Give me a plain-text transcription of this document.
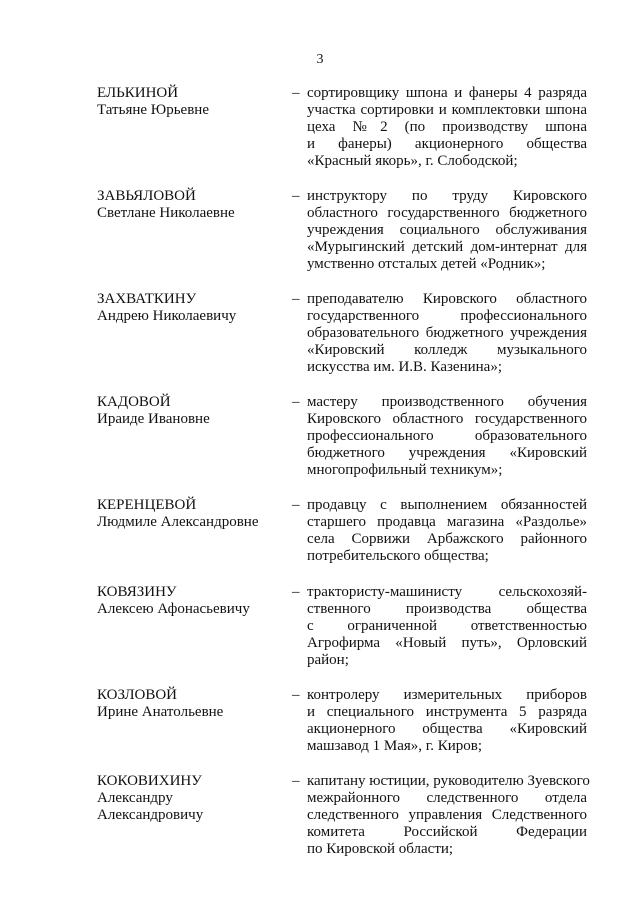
3
ЕЛЬКИНОЙ
Татьяне Юрьевне
– сортировщику шпона и фанеры 4 разряда
участка сортировки и комплектовки шпона
цеха №2 (по производству шпона
и фанеры) акционерного общества
«Красный якорь», г. Слободской;
ЗАВЬЯЛОВОЙ
Светлане Николаевне
– инструктору по труду Кировского
областного государственного бюджетного
учреждения социального обслуживания
«Мурыгинский детский дом-интернат для
умственно отсталых детей «Родник»;
ЗАХВАТКИНУ
Андрею Николаевичу
– преподавателю Кировского областного
государственного профессионального
образовательного бюджетного учреждения
«Кировский колледж музыкального
искусства им. И.В. Казенина»;
КАДОВОЙ
Ираиде Ивановне
– мастеру производственного обучения
Кировского областного государственного
профессионального образовательного
бюджетного учреждения «Кировский
многопрофильный техникум»;
КЕРЕНЦЕВОЙ
Людмиле Александровне
– продавцу с выполнением обязанностей
старшего продавца магазина «Раздолье»
села Сорвижи Арбажского районного
потребительского общества;
КОВЯЗИНУ
Алексею Афонасьевичу
– трактористу-машинисту сельскохозяй-
ственного производства общества
с ограниченной ответственностью
Агрофирма «Новый путь», Орловский
район;
КОЗЛОВОЙ
Ирине Анатольевне
– контролеру измерительных приборов
и специального инструмента 5 разряда
акционерного общества «Кировский
машзавод 1 Мая», г. Киров;
КОКОВИХИНУ
Александру Александровичу
– капитану юстиции, руководителю Зуевского
межрайонного следственного отдела
следственного управления Следственного
комитета Российской Федерации
по Кировской области;
